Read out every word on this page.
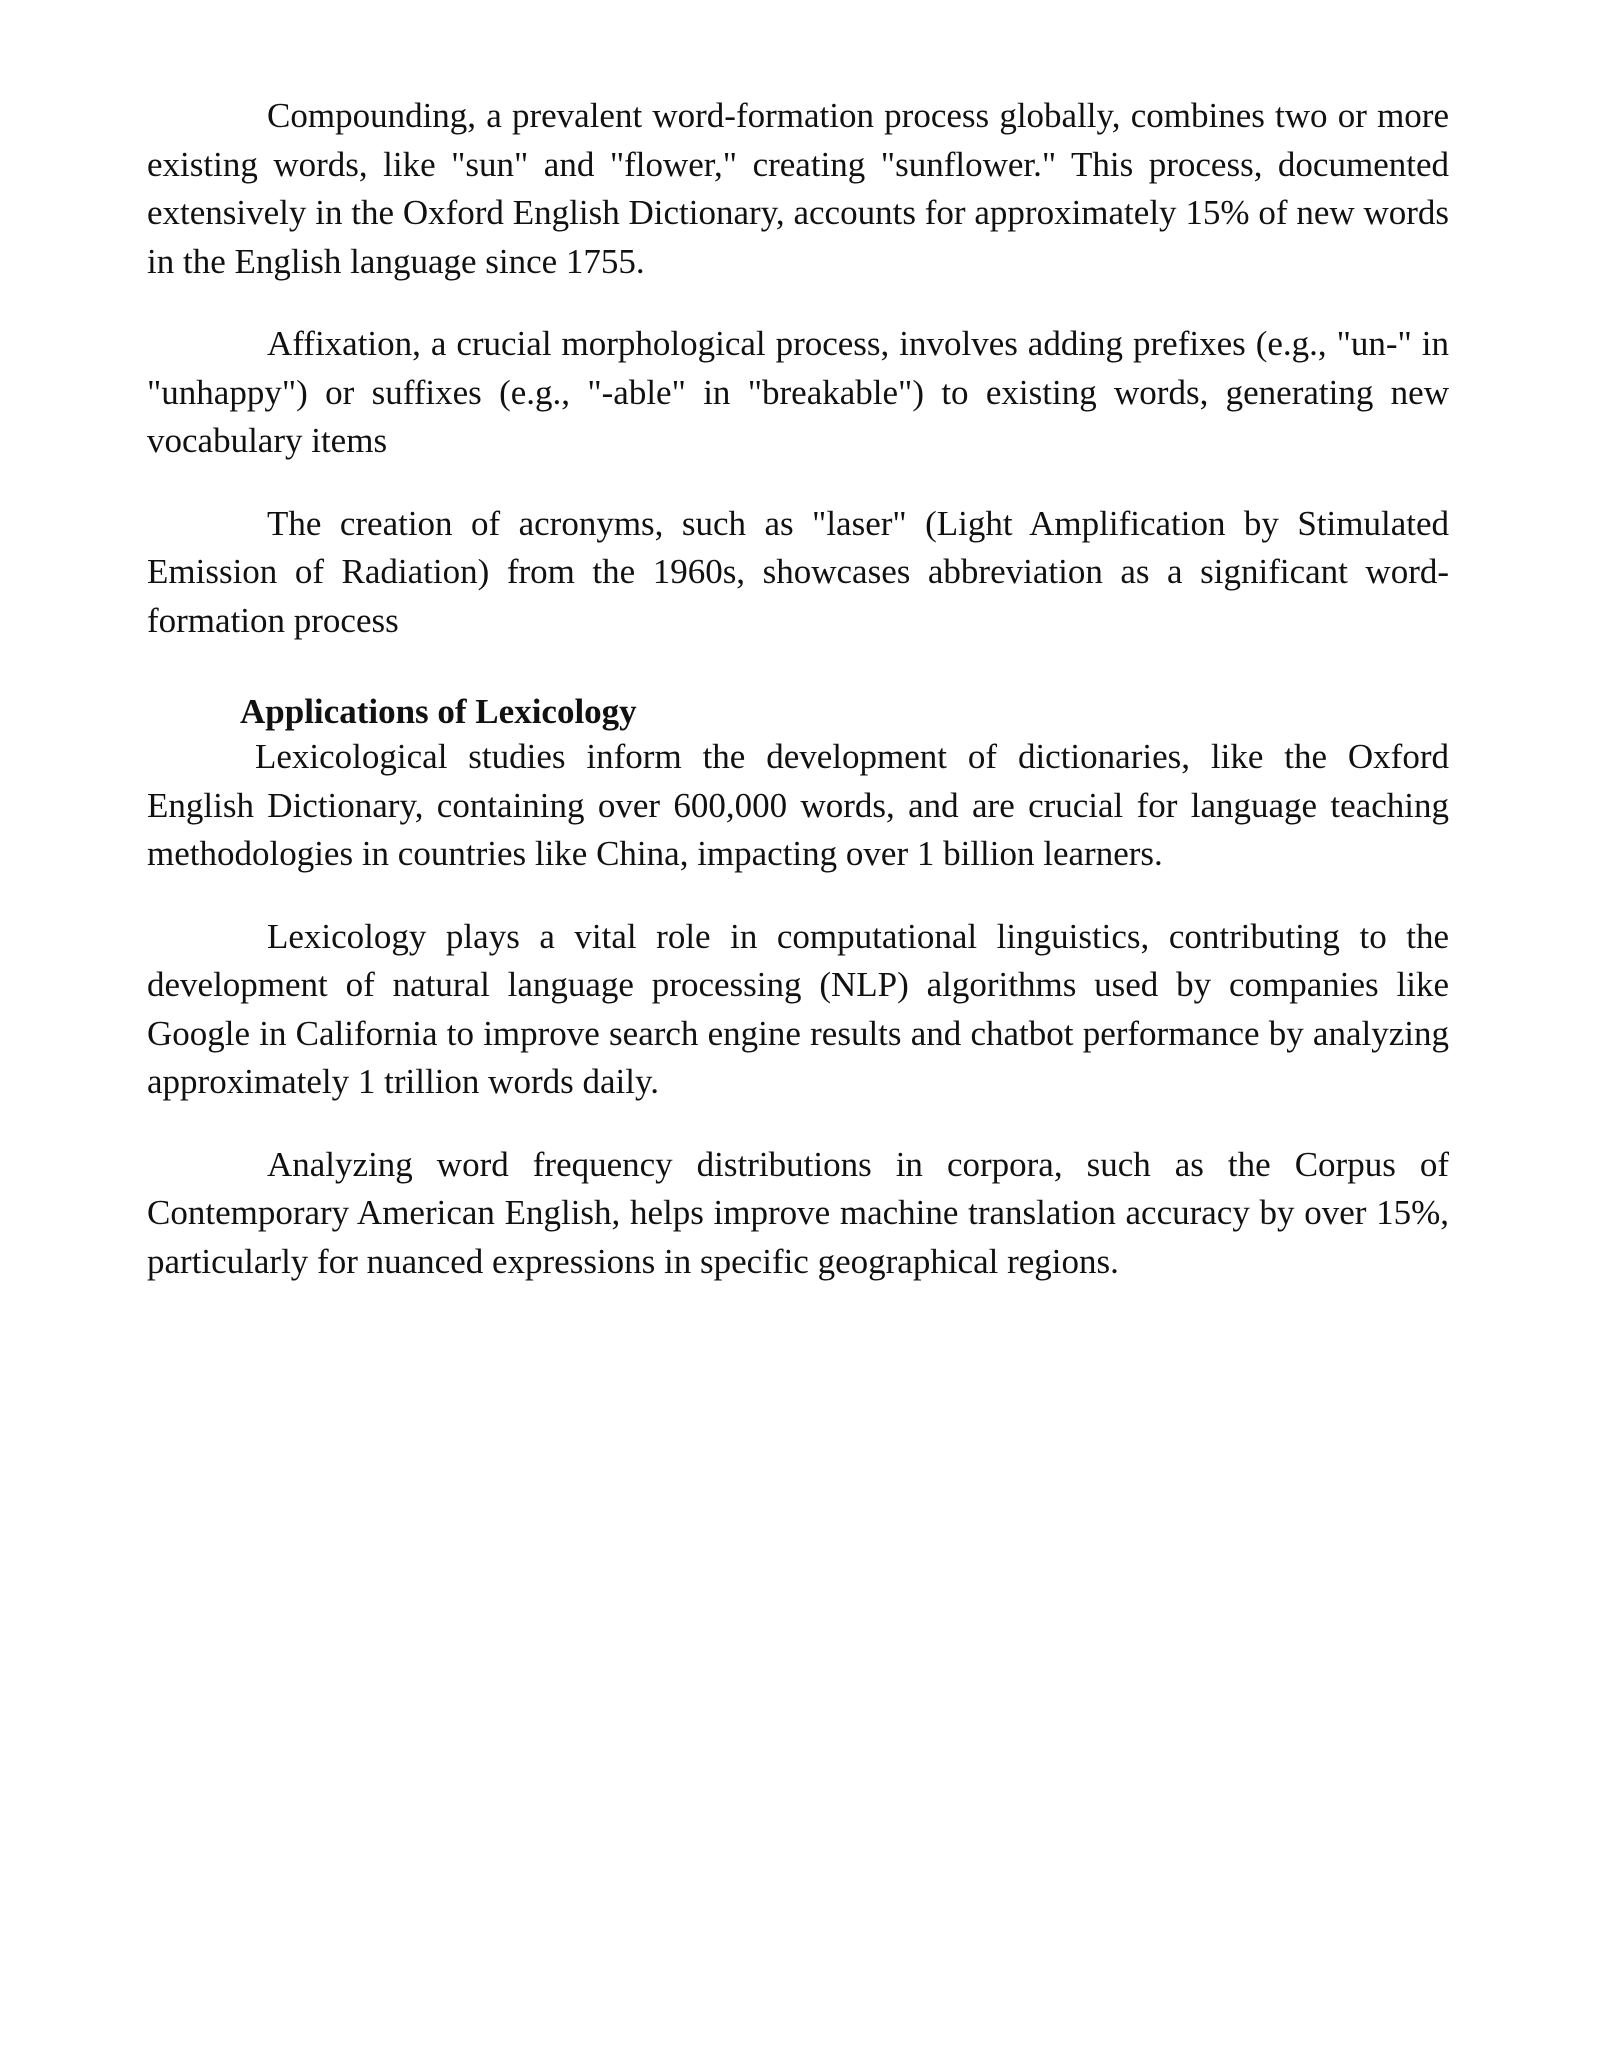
Compounding, a prevalent word-formation process globally, combines two or more existing words, like "sun" and "flower," creating "sunflower." This process, documented extensively in the Oxford English Dictionary, accounts for approximately 15% of new words in the English language since 1755.

Affixation, a crucial morphological process, involves adding prefixes (e.g., "un-" in "unhappy") or suffixes (e.g., "-able" in "breakable") to existing words, generating new vocabulary items

The creation of acronyms, such as "laser" (Light Amplification by Stimulated Emission of Radiation) from the 1960s, showcases abbreviation as a significant word-formation process

Applications of Lexicology

Lexicological studies inform the development of dictionaries, like the Oxford English Dictionary, containing over 600,000 words, and are crucial for language teaching methodologies in countries like China, impacting over 1 billion learners.

Lexicology plays a vital role in computational linguistics, contributing to the development of natural language processing (NLP) algorithms used by companies like Google in California to improve search engine results and chatbot performance by analyzing approximately 1 trillion words daily.

Analyzing word frequency distributions in corpora, such as the Corpus of Contemporary American English, helps improve machine translation accuracy by over 15%, particularly for nuanced expressions in specific geographical regions.
